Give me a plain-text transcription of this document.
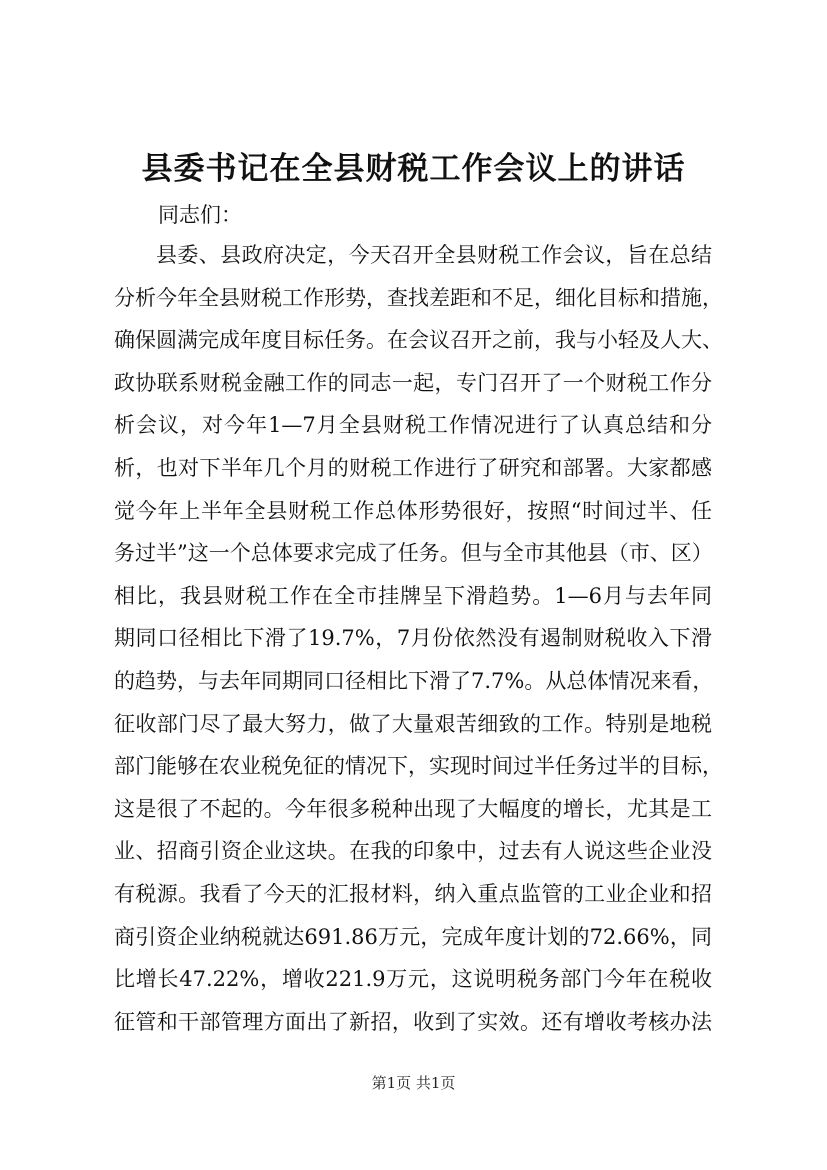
县委书记在全县财税工作会议上的讲话

同志们：

县委、县政府决定，今天召开全县财税工作会议，旨在总结
分析今年全县财税工作形势，查找差距和不足，细化目标和措施，
确保圆满完成年度目标任务。在会议召开之前，我与小轻及人大、
政协联系财税金融工作的同志一起，专门召开了一个财税工作分
析会议，对今年1—7月全县财税工作情况进行了认真总结和分
析，也对下半年几个月的财税工作进行了研究和部署。大家都感
觉今年上半年全县财税工作总体形势很好，按照“时间过半、任
务过半”这一个总体要求完成了任务。但与全市其他县（市、区）
相比，我县财税工作在全市挂牌呈下滑趋势。1—6月与去年同
期同口径相比下滑了19.7%，7月份依然没有遏制财税收入下滑
的趋势，与去年同期同口径相比下滑了7.7%。从总体情况来看，
征收部门尽了最大努力，做了大量艰苦细致的工作。特别是地税
部门能够在农业税免征的情况下，实现时间过半任务过半的目标，
这是很了不起的。今年很多税种出现了大幅度的增长，尤其是工
业、招商引资企业这块。在我的印象中，过去有人说这些企业没
有税源。我看了今天的汇报材料，纳入重点监管的工业企业和招
商引资企业纳税就达691.86万元，完成年度计划的72.66%，同
比增长47.22%，增收221.9万元，这说明税务部门今年在税收
征管和干部管理方面出了新招，收到了实效。还有增收考核办法

第1页 共1页
